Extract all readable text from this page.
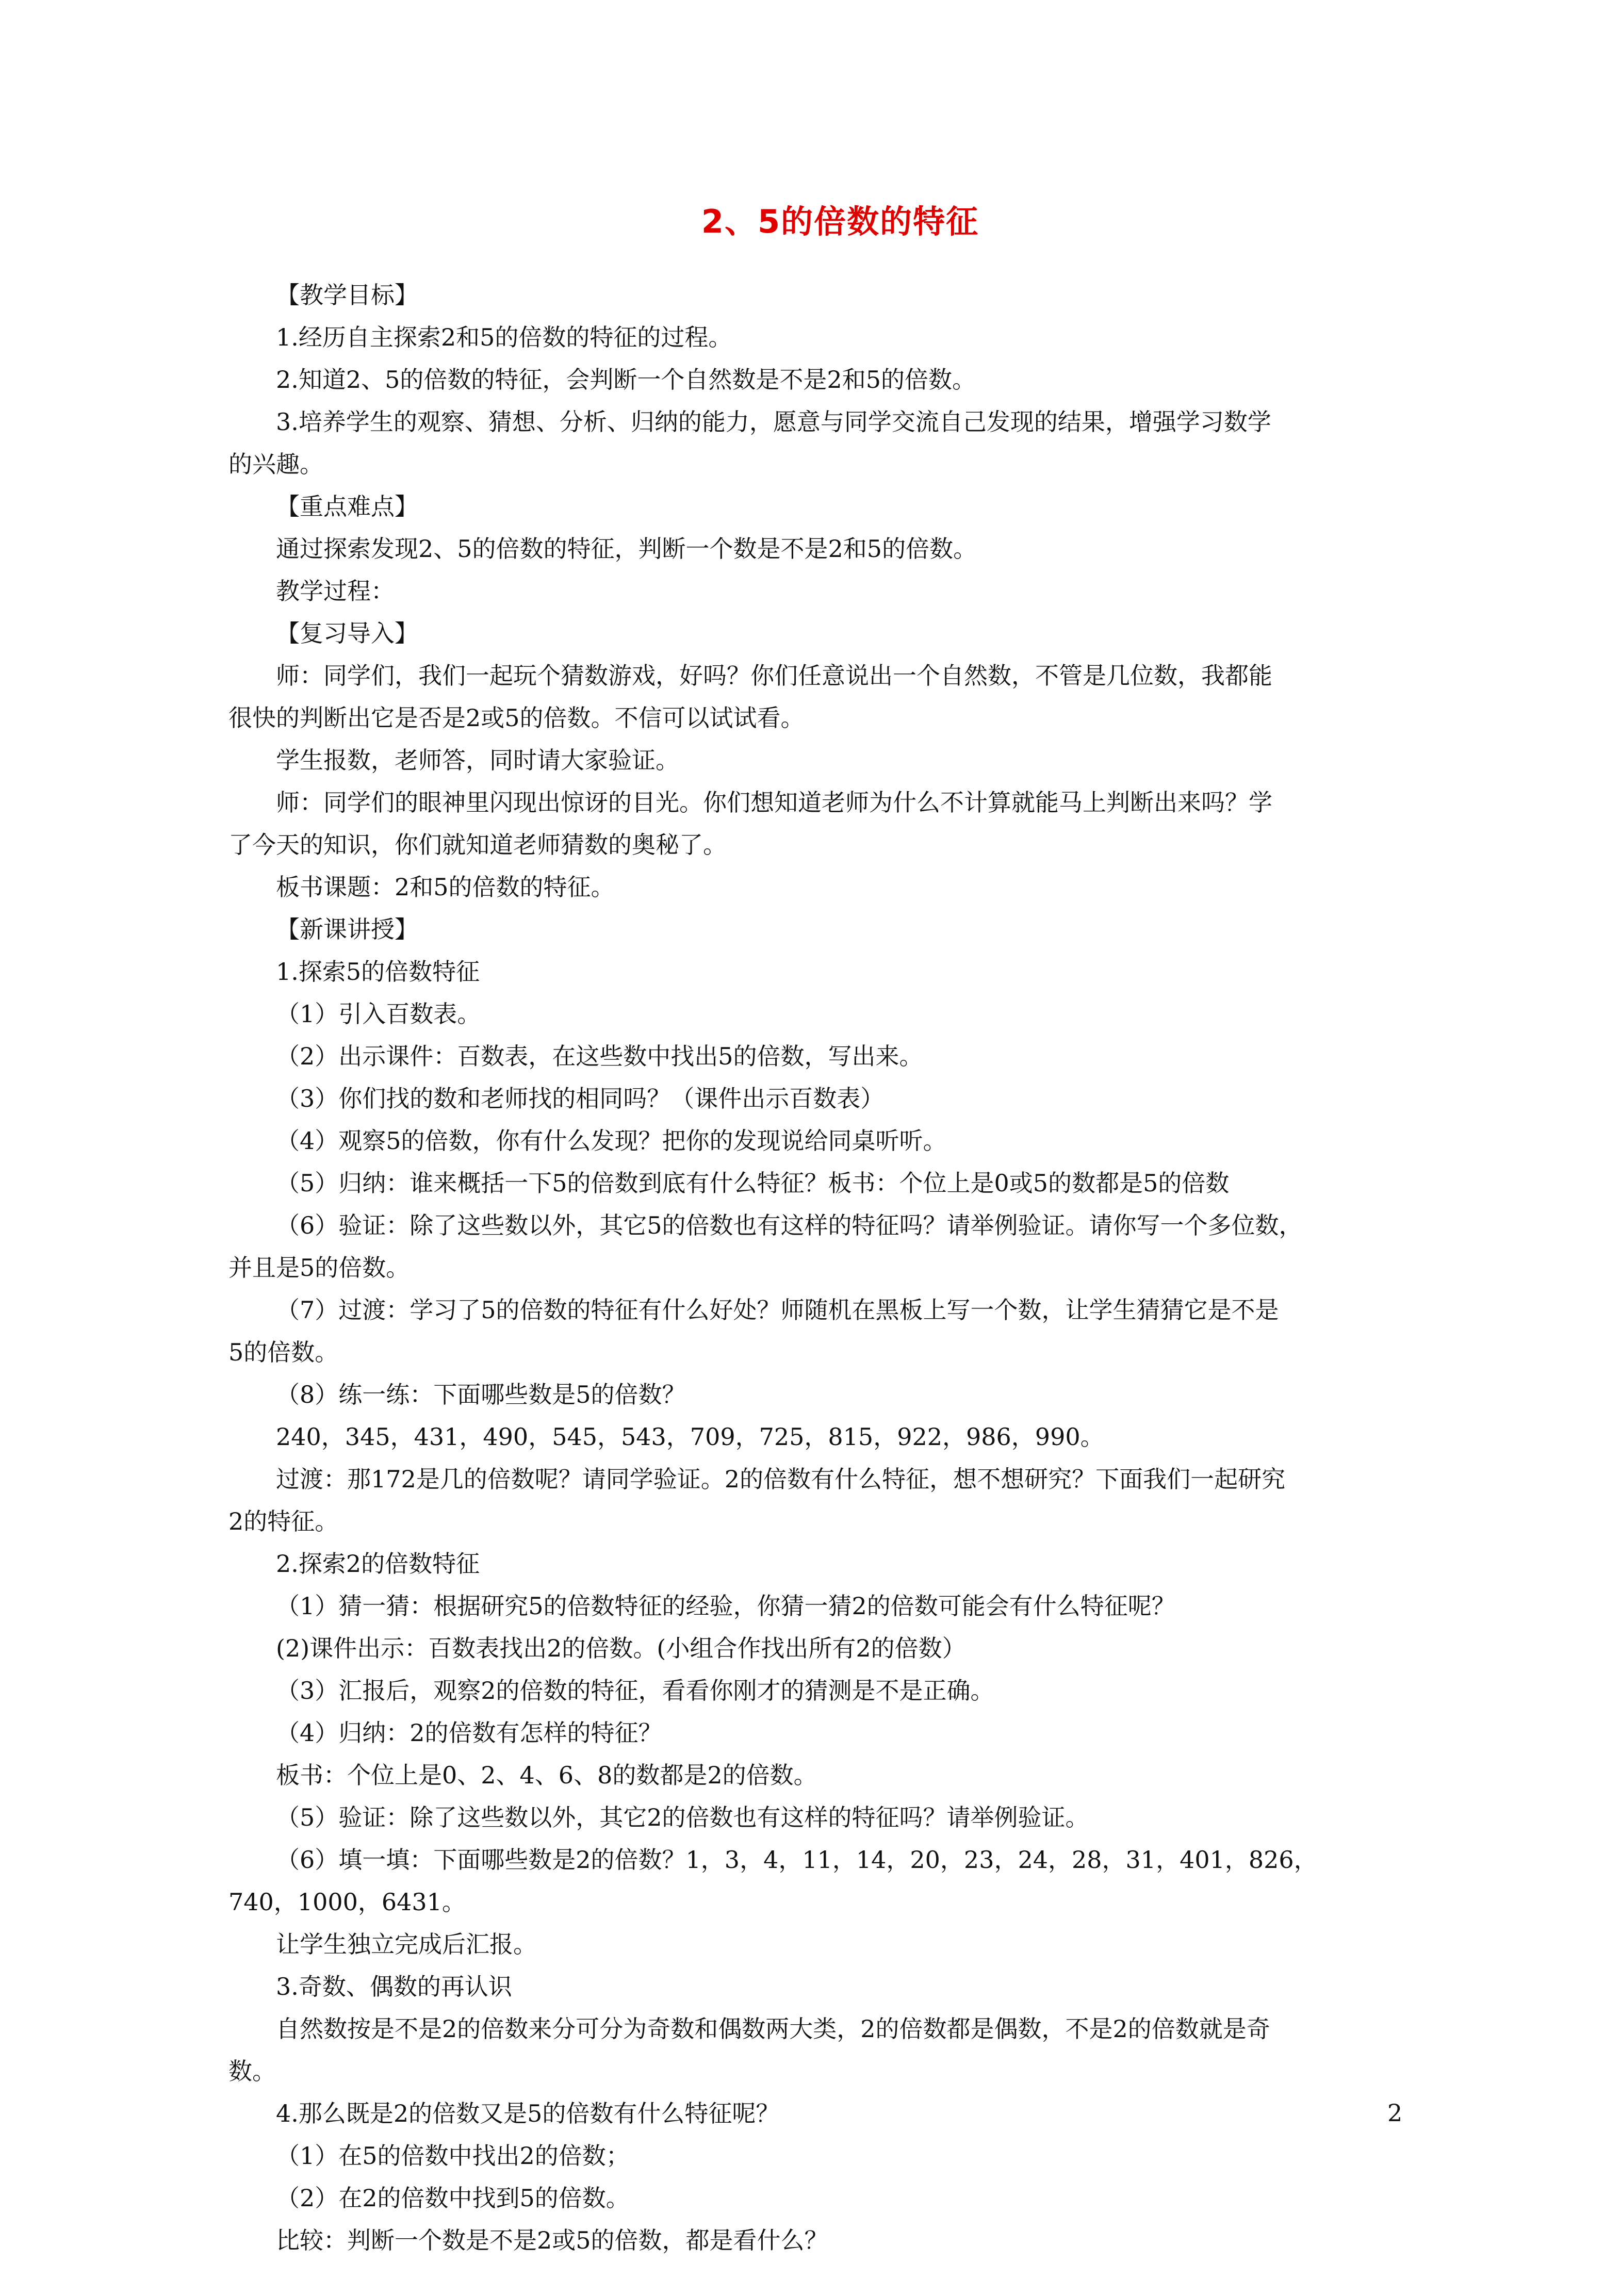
2、5的倍数的特征

【教学目标】

1.经历自主探索2和5的倍数的特征的过程。

2.知道2、5的倍数的特征，会判断一个自然数是不是2和5的倍数。

3.培养学生的观察、猜想、分析、归纳的能力，愿意与同学交流自己发现的结果，增强学习数学

的兴趣。

【重点难点】

通过探索发现2、5的倍数的特征，判断一个数是不是2和5的倍数。

教学过程：

【复习导入】

师：同学们，我们一起玩个猜数游戏，好吗？你们任意说出一个自然数，不管是几位数，我都能

很快的判断出它是否是2或5的倍数。不信可以试试看。

学生报数，老师答，同时请大家验证。

师：同学们的眼神里闪现出惊讶的目光。你们想知道老师为什么不计算就能马上判断出来吗？学

了今天的知识，你们就知道老师猜数的奥秘了。

板书课题：2和5的倍数的特征。

【新课讲授】

1.探索5的倍数特征

（1）引入百数表。

（2）出示课件：百数表，在这些数中找出5的倍数，写出来。

（3）你们找的数和老师找的相同吗？（课件出示百数表）

（4）观察5的倍数，你有什么发现？把你的发现说给同桌听听。

（5）归纳：谁来概括一下5的倍数到底有什么特征？板书：个位上是0或5的数都是5的倍数

（6）验证：除了这些数以外，其它5的倍数也有这样的特征吗？请举例验证。请你写一个多位数，

并且是5的倍数。

（7）过渡：学习了5的倍数的特征有什么好处？师随机在黑板上写一个数，让学生猜猜它是不是

5的倍数。

（8）练一练：下面哪些数是5的倍数？

240，345，431，490，545，543，709，725，815，922，986，990。

过渡：那172是几的倍数呢？请同学验证。2的倍数有什么特征，想不想研究？下面我们一起研究

2的特征。

2.探索2的倍数特征

（1）猜一猜：根据研究5的倍数特征的经验，你猜一猜2的倍数可能会有什么特征呢？

(2)课件出示：百数表找出2的倍数。(小组合作找出所有2的倍数）

（3）汇报后，观察2的倍数的特征，看看你刚才的猜测是不是正确。

（4）归纳：2的倍数有怎样的特征？

板书：个位上是0、2、4、6、8的数都是2的倍数。

（5）验证：除了这些数以外，其它2的倍数也有这样的特征吗？请举例验证。

（6）填一填：下面哪些数是2的倍数？1，3，4，11，14，20，23，24，28，31，401，826，

740，1000，6431。

让学生独立完成后汇报。

3.奇数、偶数的再认识

自然数按是不是2的倍数来分可分为奇数和偶数两大类，2的倍数都是偶数，不是2的倍数就是奇

数。

4.那么既是2的倍数又是5的倍数有什么特征呢？

（1）在5的倍数中找出2的倍数；

（2）在2的倍数中找到5的倍数。

比较：判断一个数是不是2或5的倍数，都是看什么？

2
